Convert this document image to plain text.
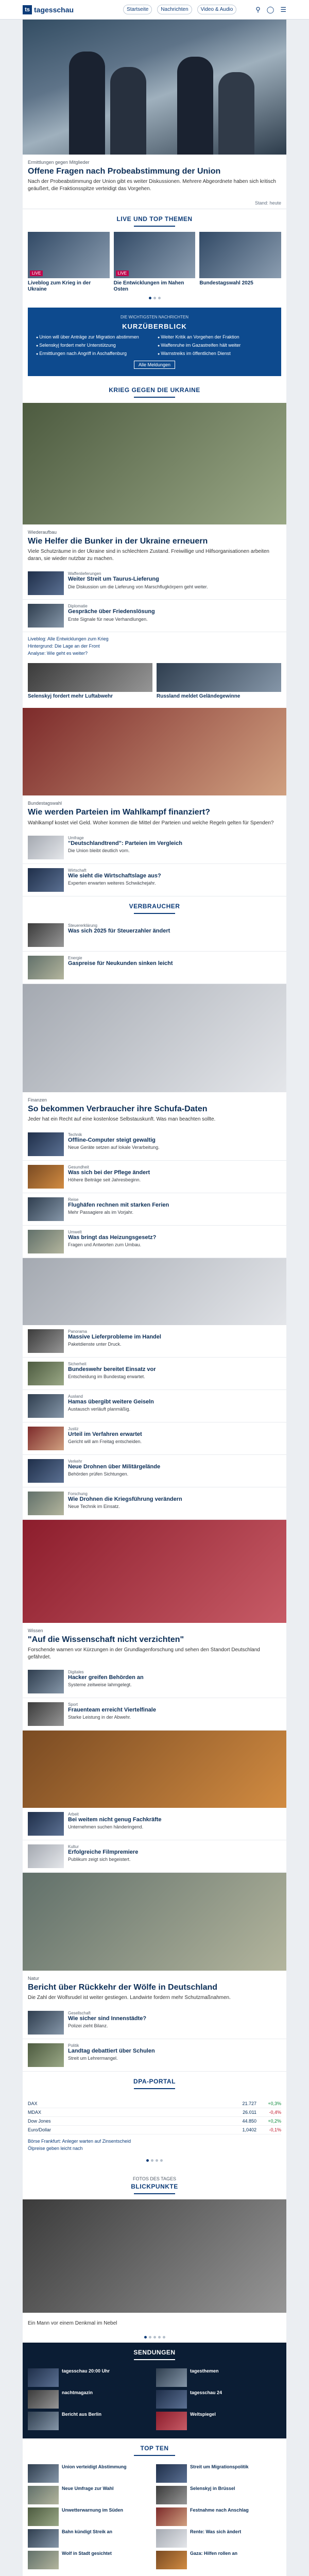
ts tagesschau	Startseite	Nachrichten	Video & Audio	⚲ ◯ ☰
Ermittlungen gegen Mitglieder
Offene Fragen nach Probeabstimmung der Union
Nach der Probeabstimmung der Union gibt es weiter Diskussionen. Mehrere Abgeordnete haben sich kritisch geäußert, die Fraktionsspitze verteidigt das Vorgehen.
Stand: heute
LIVE UND TOP THEMEN
LIVE
Liveblog zum Krieg in der Ukraine
LIVE
Die Entwicklungen im Nahen Osten
Bundestagswahl 2025
DIE WICHTIGSTEN NACHRICHTEN
KURZÜBERBLICK
● Union will über Anträge zur Migration abstimmen	● Weiter Kritik an Vorgehen der Fraktion
● Selenskyj fordert mehr Unterstützung	● Waffenruhe im Gazastreifen hält weiter
● Ermittlungen nach Angriff in Aschaffenburg	● Warnstreiks im öffentlichen Dienst
Alle Meldungen
KRIEG GEGEN DIE UKRAINE
Wiederaufbau
Wie Helfer die Bunker in der Ukraine erneuern
Viele Schutzräume in der Ukraine sind in schlechtem Zustand. Freiwillige und Hilfsorganisationen arbeiten daran, sie wieder nutzbar zu machen.
Waffenlieferungen
Weiter Streit um Taurus-Lieferung
Die Diskussion um die Lieferung von Marschflugkörpern geht weiter.
Diplomatie
Gespräche über Friedenslösung
Erste Signale für neue Verhandlungen.
Liveblog: Alle Entwicklungen zum Krieg
Hintergrund: Die Lage an der Front
Analyse: Wie geht es weiter?
Selenskyj fordert mehr Luftabwehr	Russland meldet Geländegewinne
Bundestagswahl
Wie werden Parteien im Wahlkampf finanziert?
Wahlkampf kostet viel Geld. Woher kommen die Mittel der Parteien und welche Regeln gelten für Spenden?
Umfrage
"Deutschlandtrend": Parteien im Vergleich
Die Union bleibt deutlich vorn.
Wirtschaft
Wie sieht die Wirtschaftslage aus?
Experten erwarten weiteres Schwächejahr.
VERBRAUCHER
Steuererklärung
Was sich 2025 für Steuerzahler ändert
Energie
Gaspreise für Neukunden sinken leicht
Finanzen
So bekommen Verbraucher ihre Schufa-Daten
Jeder hat ein Recht auf eine kostenlose Selbstauskunft. Was man beachten sollte.
Technik
Offline-Computer steigt gewaltig
Neue Geräte setzen auf lokale Verarbeitung.
Gesundheit
Was sich bei der Pflege ändert
Höhere Beiträge seit Jahresbeginn.
Reise
Flughäfen rechnen mit starken Ferien
Mehr Passagiere als im Vorjahr.
Umwelt
Was bringt das Heizungsgesetz?
Fragen und Antworten zum Umbau.
Panorama
Massive Lieferprobleme im Handel
Paketdienste unter Druck.
Sicherheit
Bundeswehr bereitet Einsatz vor
Entscheidung im Bundestag erwartet.
Ausland
Hamas übergibt weitere Geiseln
Austausch verläuft planmäßig.
Justiz
Urteil im Verfahren erwartet
Gericht will am Freitag entscheiden.
Verkehr
Neue Drohnen über Militärgelände
Behörden prüfen Sichtungen.
Forschung
Wie Drohnen die Kriegsführung verändern
Neue Technik im Einsatz.
Wissen
"Auf die Wissenschaft nicht verzichten"
Forschende warnen vor Kürzungen in der Grundlagenforschung und sehen den Standort Deutschland gefährdet.
Digitales
Hacker greifen Behörden an
Systeme zeitweise lahmgelegt.
Sport
Frauenteam erreicht Viertelfinale
Starke Leistung in der Abwehr.
Arbeit
Bei weitem nicht genug Fachkräfte
Unternehmen suchen händeringend.
Kultur
Erfolgreiche Filmpremiere
Publikum zeigt sich begeistert.
Natur
Bericht über Rückkehr der Wölfe in Deutschland
Die Zahl der Wolfsrudel ist weiter gestiegen. Landwirte fordern mehr Schutzmaßnahmen.
Gesellschaft
Wie sicher sind Innenstädte?
Polizei zieht Bilanz.
Politik
Landtag debattiert über Schulen
Streit um Lehrermangel.
DPA-PORTAL
DAX	21.727	+0,3%
MDAX	26.011	-0,4%
Dow Jones	44.850	+0,2%
Euro/Dollar	1,0402	-0,1%
Börse Frankfurt: Anleger warten auf Zinsentscheid
Ölpreise geben leicht nach
FOTOS DES TAGES
BLICKPUNKTE
Ein Mann vor einem Denkmal im Nebel
SENDUNGEN
tagesschau 20:00 Uhr	tagesthemen
nachtmagazin	tagesschau 24
Bericht aus Berlin	Weltspiegel
TOP TEN
Union verteidigt Abstimmung	Streit um Migrationspolitik
Neue Umfrage zur Wahl	Selenskyj in Brüssel
Unwetterwarnung im Süden	Festnahme nach Anschlag
Bahn kündigt Streik an	Rente: Was sich ändert
Wolf in Stadt gesichtet	Gaza: Hilfen rollen an
